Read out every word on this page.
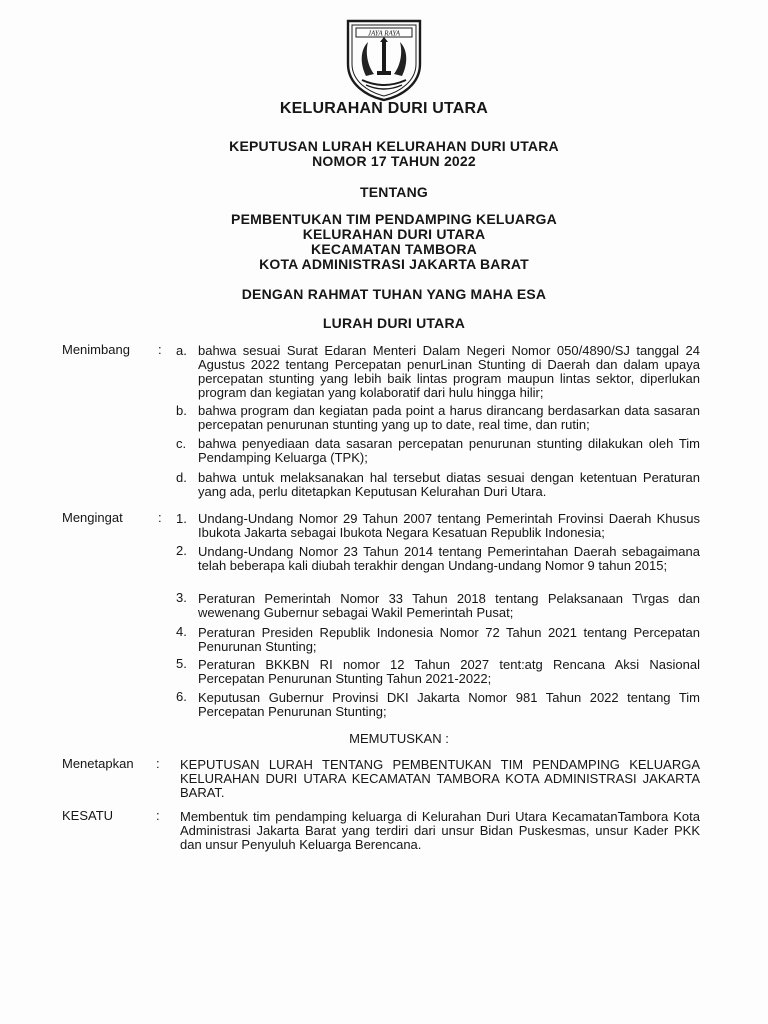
JAYA RAYA
KELURAHAN DURI UTARA
KEPUTUSAN LURAH KELURAHAN DURI UTARA
NOMOR 17 TAHUN 2022
TENTANG
PEMBENTUKAN TIM PENDAMPING KELUARGA
KELURAHAN DURI UTARA
KECAMATAN TAMBORA
KOTA ADMINISTRASI JAKARTA BARAT
DENGAN RAHMAT TUHAN YANG MAHA ESA
LURAH DURI UTARA
Menimbang : a. bahwa sesuai Surat Edaran Menteri Dalam Negeri Nomor 050/4890/SJ tanggal 24 Agustus 2022 tentang Percepatan penurLinan Stunting di Daerah dan dalam upaya percepatan stunting yang lebih baik lintas program maupun lintas sektor, diperlukan program dan kegiatan yang kolaboratif dari hulu hingga hilir;
b. bahwa program dan kegiatan pada point a harus dirancang berdasarkan data sasaran percepatan penurunan stunting yang up to date, real time, dan rutin;
c. bahwa penyediaan data sasaran percepatan penurunan stunting dilakukan oleh Tim Pendamping Keluarga (TPK);
d. bahwa untuk melaksanakan hal tersebut diatas sesuai dengan ketentuan Peraturan yang ada, perlu ditetapkan Keputusan Kelurahan Duri Utara.
Mengingat	: 1. Undang-Undang Nomor 29 Tahun 2007 tentang Pemerintah Frovinsi Daerah Khusus Ibukota Jakarta sebagai Ibukota Negara Kesatuan Republik Indonesia;
2. Undang-Undang Nomor 23 Tahun 2014 tentang Pemerintahan Daerah sebagaimana telah beberapa kali diubah terakhir dengan Undang-undang Nomor 9 tahun 2015;
3. Peraturan Pemerintah Nomor 33 Tahun 2018 tentang Pelaksanaan T\rgas dan wewenang Gubernur sebagai Wakil Pemerintah Pusat;
4. Peraturan Presiden Republik Indonesia Nomor 72 Tahun 2021 tentang Percepatan Penurunan Stunting;
5. Peraturan BKKBN RI nomor 12 Tahun 2027 tent:atg Rencana Aksi Nasional Percepatan Penurunan Stunting Tahun 2021-2022;
6. Keputusan Gubernur Provinsi DKI Jakarta Nomor 981 Tahun 2022 tentang Tim Percepatan Penurunan Stunting;
MEMUTUSKAN :
Menetapkan : KEPUTUSAN LURAH TENTANG PEMBENTUKAN TIM PENDAMPING KELUARGA KELURAHAN DURI UTARA KECAMATAN TAMBORA KOTA ADMINISTRASI JAKARTA BARAT.
KESATU	: Membentuk tim pendamping keluarga di Kelurahan Duri Utara KecamatanTambora Kota Administrasi Jakarta Barat yang terdiri dari unsur Bidan Puskesmas, unsur Kader PKK dan unsur Penyuluh Keluarga Berencana.
